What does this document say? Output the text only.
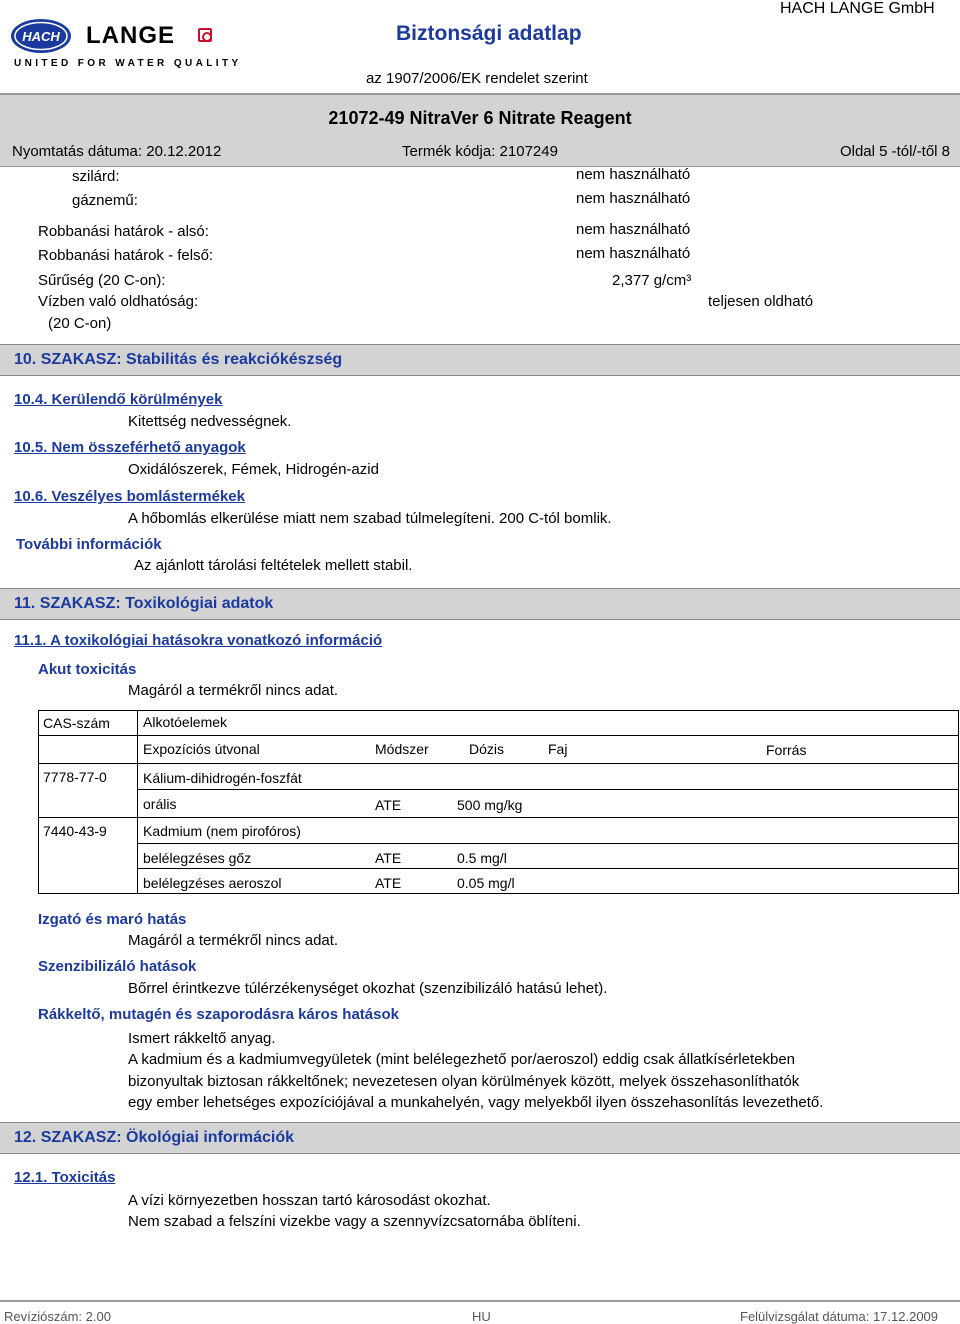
HACH LANGE
UNITED FOR WATER QUALITY
Biztonsági adatlap
az 1907/2006/EK rendelet szerint
HACH LANGE GmbH
21072-49 NitraVer 6 Nitrate Reagent
Nyomtatás dátuma: 20.12.2012	Termék kódja: 2107249	Oldal 5 -tól/-től 8
szilárd:	nem használható
gáznemű:	nem használható
Robbanási határok - alsó:	nem használható
Robbanási határok - felső:	nem használható
Sűrűség (20 C-on):	2,377 g/cm³
Vízben való oldhatóság:	teljesen oldható
(20 C-on)
10. SZAKASZ: Stabilitás és reakciókészség
10.4. Kerülendő körülmények
Kitettség nedvességnek.
10.5. Nem összeférhető anyagok
Oxidálószerek, Fémek, Hidrogén-azid
10.6. Veszélyes bomlástermékek
A hőbomlás elkerülése miatt nem szabad túlmelegíteni. 200 C-tól bomlik.
További információk
Az ajánlott tárolási feltételek mellett stabil.
11. SZAKASZ: Toxikológiai adatok
11.1. A toxikológiai hatásokra vonatkozó információ
Akut toxicitás
Magáról a termékről nincs adat.
CAS-szám Alkotóelemek
Expozíciós útvonal	Módszer	Dózis	Faj	Forrás
7778-77-0	Kálium-dihidrogén-foszfát
orális	ATE	500 mg/kg
7440-43-9	Kadmium (nem pirofóros)
belélegzéses gőz	ATE	0.5 mg/l
belélegzéses aeroszol	ATE	0.05 mg/l
Izgató és maró hatás
Magáról a termékről nincs adat.
Szenzibilizáló hatások
Bőrrel érintkezve túlérzékenységet okozhat (szenzibilizáló hatású lehet).
Rákkeltő, mutagén és szaporodásra káros hatások
Ismert rákkeltő anyag.
A kadmium és a kadmiumvegyületek (mint belélegezhető por/aeroszol) eddig csak állatkísérletekben
bizonyultak biztosan rákkeltőnek; nevezetesen olyan körülmények között, melyek összehasonlíthatók
egy ember lehetséges expozíciójával a munkahelyén, vagy melyekből ilyen összehasonlítás levezethető.
12. SZAKASZ: Ökológiai információk
12.1. Toxicitás
A vízi környezetben hosszan tartó károsodást okozhat.
Nem szabad a felszíni vizekbe vagy a szennyvízcsatornába öblíteni.
Revíziószám: 2.00	HU	Felülvizsgálat dátuma: 17.12.2009
